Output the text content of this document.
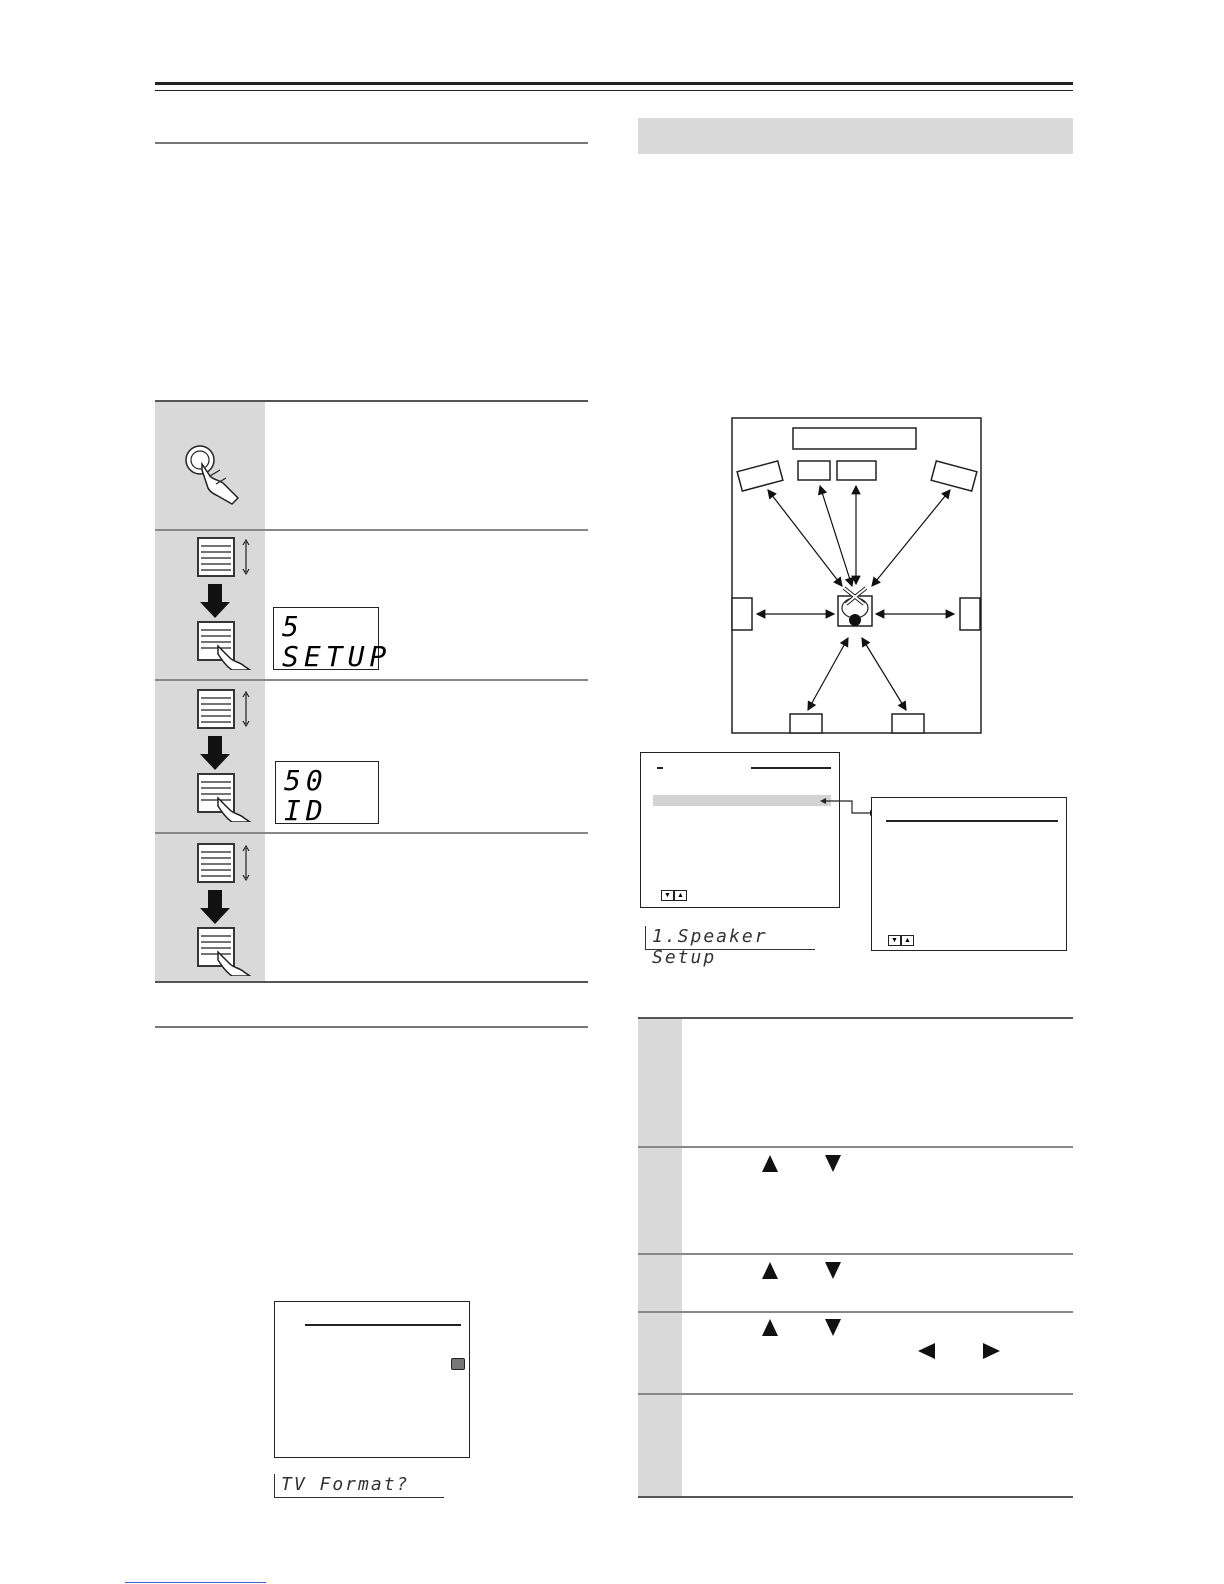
5
SETUP
50
ID
TV Format?
▼ ▲
▼ ▲
1.Speaker Setup
